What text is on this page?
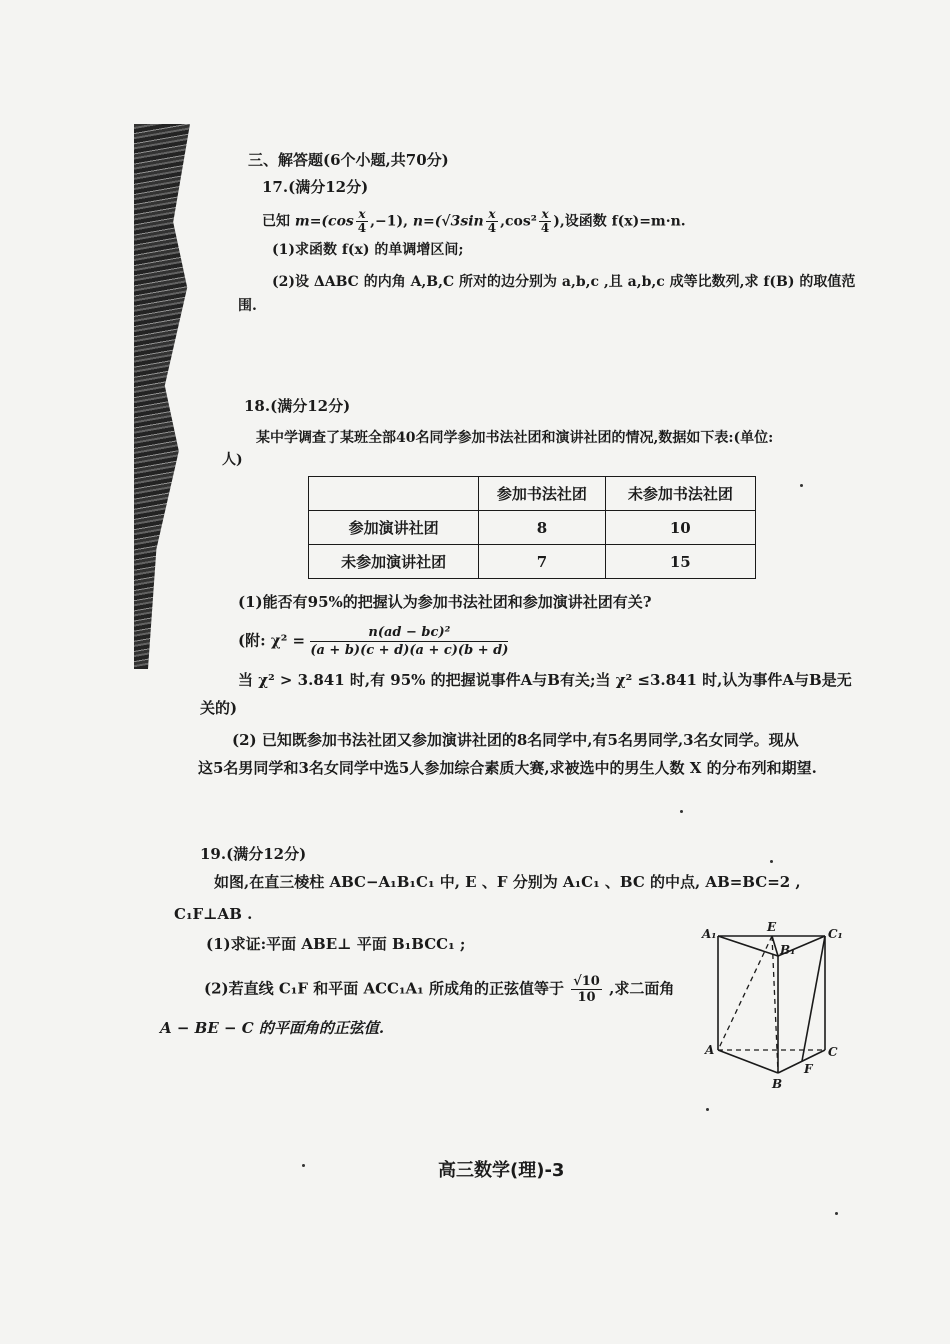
三、解答题(6个小题,共70分)
17.(满分12分)
已知 $m=(\cos \frac{x}{4} ,-1)$, $n=(√3\sin \frac{x}{4} ,\cos^2 \frac{x}{4}$ ),设函数 f(x)=m·n.
(1)求函数 f(x) 的单调增区间;
(2)设 ΔABC 的内角 A,B,C 所对的边分别为 a,b,c ,且 a,b,c 成等比数列,求 f(B) 的取值范
围.
18.(满分12分)
某中学调查了某班全部40名同学参加书法社团和演讲社团的情况,数据如下表:(单位:
人)
	参加书法社团	未参加书法社团
参加演讲社团	8	10
未参加演讲社团	7	15
(1)能否有95%的把握认为参加书法社团和参加演讲社团有关?
(附: $\chi^2 = \frac{\text{n(ad − bc)²}}{(a + b)(c + d)(a + c)(b + d)}$
当 χ² > 3.841 时,有 95% 的把握说事件A与B有关;当 χ² ≤3.841 时,认为事件A与B是无
关的)
(2) 已知既参加书法社团又参加演讲社团的8名同学中,有5名男同学,3名女同学。现从
这5名男同学和3名女同学中选5人参加综合素质大赛,求被选中的男生人数 X 的分布列和期望.
19.(满分12分)
如图,在直三棱柱 ABC−A₁B₁C₁ 中, E 、F 分别为 A₁C₁ 、BC 的中点, AB=BC=2 ,
C₁F⊥AB .
(1)求证:平面 ABE⊥ 平面 B₁BCC₁ ;
(2)若直线 C₁F 和平面 ACC₁A₁ 所成角的正弦值等于 $\frac{√10}{10}$ ,求二面角
A − BE − C 的平面角的正弦值.
A₁	E
B₁
C₁
A	C
B
F
高三数学(理)-3
